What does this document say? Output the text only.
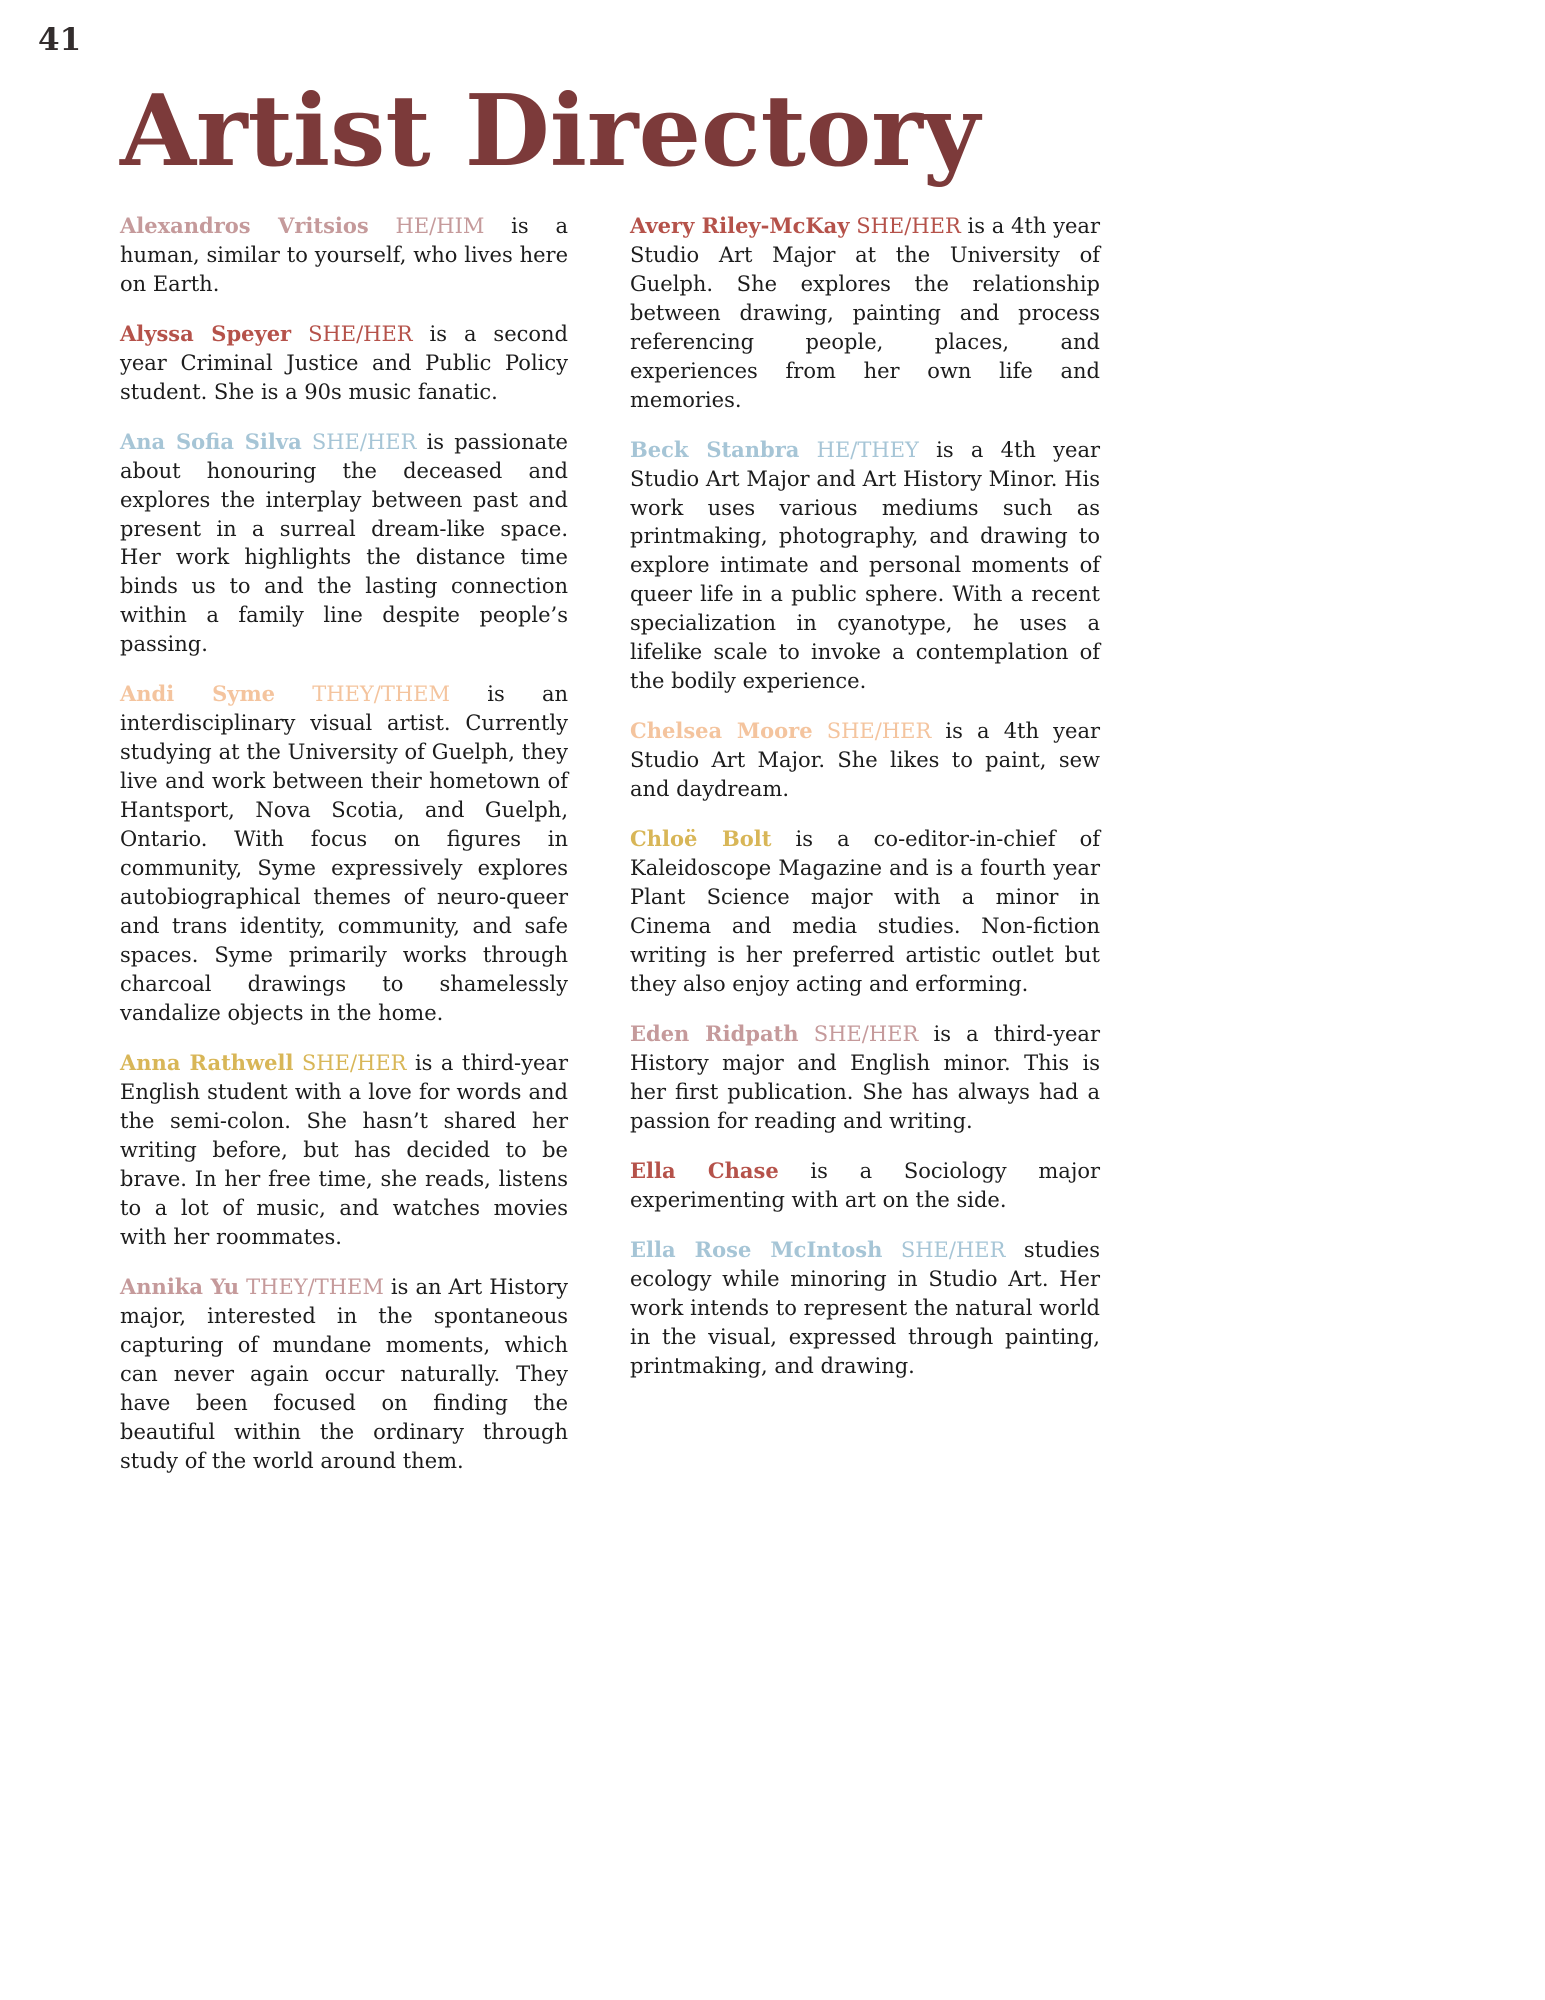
41
Artist Directory

Alexandros Vritsios HE/HIM is a human, similar to yourself, who lives here on Earth.

Alyssa Speyer SHE/HER is a second year Criminal Justice and Public Policy student. She is a 90s music fanatic.

Ana Sofia Silva SHE/HER is passionate about honouring the deceased and explores the interplay between past and present in a surreal dream-like space. Her work highlights the distance time binds us to and the lasting connection within a family line despite people’s passing.

Andi Syme THEY/THEM is an interdisciplinary visual artist. Currently studying at the University of Guelph, they live and work between their hometown of Hantsport, Nova Scotia, and Guelph, Ontario. With focus on figures in community, Syme expressively explores autobiographical themes of neuro-queer and trans identity, community, and safe spaces. Syme primarily works through charcoal drawings to shamelessly vandalize objects in the home.

Anna Rathwell SHE/HER is a third-year English student with a love for words and the semi-colon. She hasn’t shared her writing before, but has decided to be brave. In her free time, she reads, listens to a lot of music, and watches movies with her roommates.

Annika Yu THEY/THEM is an Art History major, interested in the spontaneous capturing of mundane moments, which can never again occur naturally. They have been focused on finding the beautiful within the ordinary through study of the world around them.

Avery Riley-McKay SHE/HER is a 4th year Studio Art Major at the University of Guelph. She explores the relationship between drawing, painting and process referencing people, places, and experiences from her own life and memories.

Beck Stanbra HE/THEY is a 4th year Studio Art Major and Art History Minor. His work uses various mediums such as printmaking, photography, and drawing to explore intimate and personal moments of queer life in a public sphere. With a recent specialization in cyanotype, he uses a lifelike scale to invoke a contemplation of the bodily experience.

Chelsea Moore SHE/HER is a 4th year Studio Art Major. She likes to paint, sew and daydream.

Chloë Bolt is a co-editor-in-chief of Kaleidoscope Magazine and is a fourth year Plant Science major with a minor in Cinema and media studies. Non-fiction writing is her preferred artistic outlet but they also enjoy acting and erforming.

Eden Ridpath SHE/HER is a third-year History major and English minor. This is her first publication. She has always had a passion for reading and writing.

Ella Chase is a Sociology major experimenting with art on the side.

Ella Rose McIntosh SHE/HER studies ecology while minoring in Studio Art. Her work intends to represent the natural world in the visual, expressed through painting, printmaking, and drawing.
